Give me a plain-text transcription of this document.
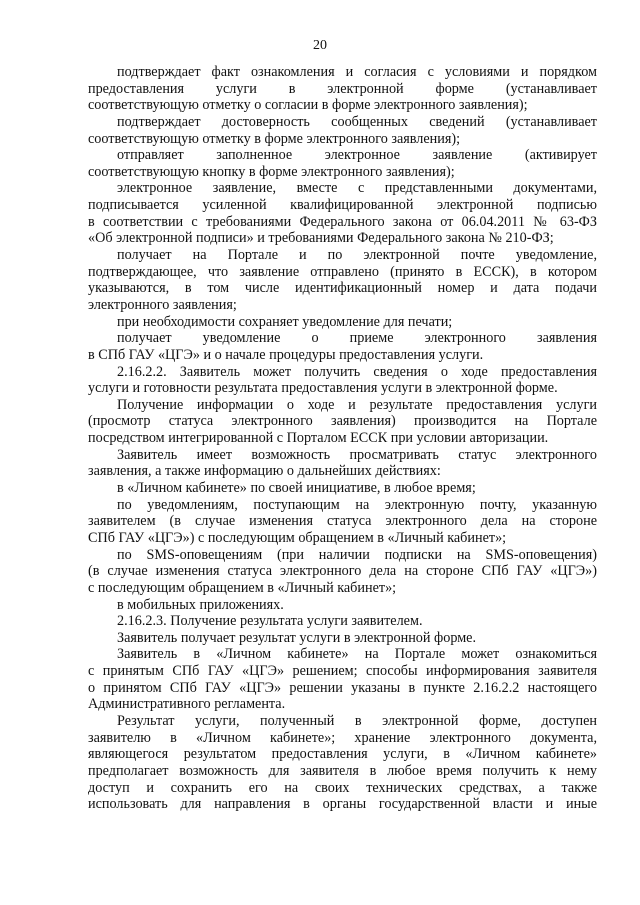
20
подтверждает факт ознакомления и согласия с условиями и порядком
предоставления услуги в электронной форме (устанавливает
соответствующую отметку о согласии в форме электронного заявления);
подтверждает достоверность сообщенных сведений (устанавливает
соответствующую отметку в форме электронного заявления);
отправляет заполненное электронное заявление (активирует
соответствующую кнопку в форме электронного заявления);
электронное заявление, вместе с представленными документами,
подписывается усиленной квалифицированной электронной подписью
в соответствии с требованиями Федерального закона от 06.04.2011 № 63-ФЗ
«Об электронной подписи» и требованиями Федерального закона № 210-ФЗ;
получает на Портале и по электронной почте уведомление,
подтверждающее, что заявление отправлено (принято в ЕССК), в котором
указываются, в том числе идентификационный номер и дата подачи
электронного заявления;
при необходимости сохраняет уведомление для печати;
получает уведомление о приеме электронного заявления
в СПб ГАУ «ЦГЭ» и о начале процедуры предоставления услуги.
2.16.2.2. Заявитель может получить сведения о ходе предоставления
услуги и готовности результата предоставления услуги в электронной форме.
Получение информации о ходе и результате предоставления услуги
(просмотр статуса электронного заявления) производится на Портале
посредством интегрированной с Порталом ЕССК при условии авторизации.
Заявитель имеет возможность просматривать статус электронного
заявления, а также информацию о дальнейших действиях:
в «Личном кабинете» по своей инициативе, в любое время;
по уведомлениям, поступающим на электронную почту, указанную
заявителем (в случае изменения статуса электронного дела на стороне
СПб ГАУ «ЦГЭ») с последующим обращением в «Личный кабинет»;
по SMS-оповещениям (при наличии подписки на SMS-оповещения)
(в случае изменения статуса электронного дела на стороне СПб ГАУ «ЦГЭ»)
с последующим обращением в «Личный кабинет»;
в мобильных приложениях.
2.16.2.3. Получение результата услуги заявителем.
Заявитель получает результат услуги в электронной форме.
Заявитель в «Личном кабинете» на Портале может ознакомиться
с принятым СПб ГАУ «ЦГЭ» решением; способы информирования заявителя
о принятом СПб ГАУ «ЦГЭ» решении указаны в пункте 2.16.2.2 настоящего
Административного регламента.
Результат услуги, полученный в электронной форме, доступен
заявителю в «Личном кабинете»; хранение электронного документа,
являющегося результатом предоставления услуги, в «Личном кабинете»
предполагает возможность для заявителя в любое время получить к нему
доступ и сохранить его на своих технических средствах, а также
использовать для направления в органы государственной власти и иные
